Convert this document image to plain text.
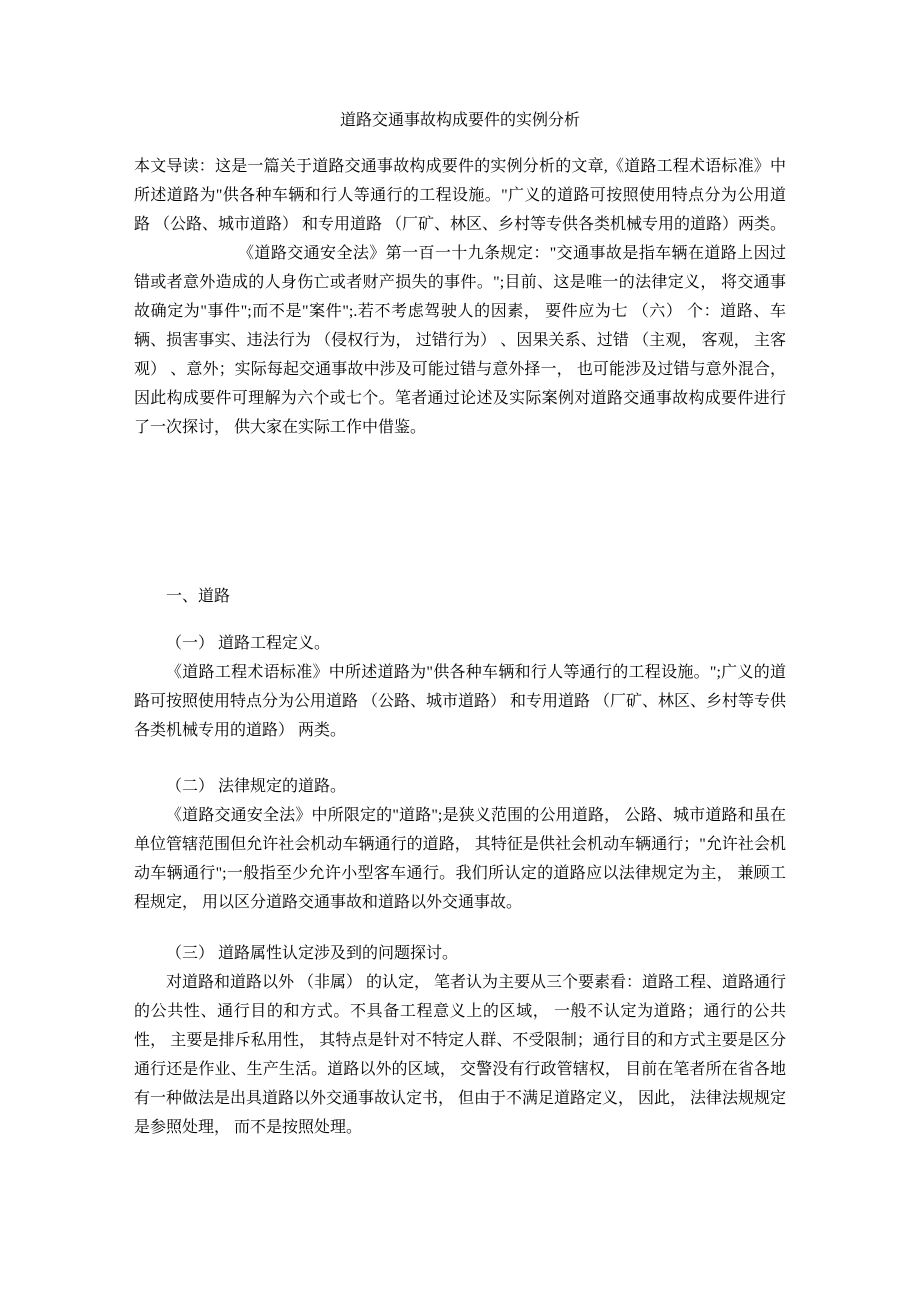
道路交通事故构成要件的实例分析

本文导读：这是一篇关于道路交通事故构成要件的实例分析的文章,《道路工程术语标准》中所述道路为"供各种车辆和行人等通行的工程设施。"广义的道路可按照使用特点分为公用道路 （公路、城市道路） 和专用道路 （厂矿、林区、乡村等专供各类机械专用的道路）两类。

《道路交通安全法》第一百一十九条规定："交通事故是指车辆在道路上因过错或者意外造成的人身伤亡或者财产损失的事件。";目前、这是唯一的法律定义， 将交通事故确定为"事件";而不是"案件";.若不考虑驾驶人的因素， 要件应为七 （六） 个：道路、车辆、损害事实、违法行为 （侵权行为， 过错行为） 、因果关系、过错 （主观， 客观， 主客观） 、意外；实际每起交通事故中涉及可能过错与意外择一， 也可能涉及过错与意外混合， 因此构成要件可理解为六个或七个。笔者通过论述及实际案例对道路交通事故构成要件进行了一次探讨， 供大家在实际工作中借鉴。

一、道路

（一） 道路工程定义。

《道路工程术语标准》中所述道路为"供各种车辆和行人等通行的工程设施。";广义的道路可按照使用特点分为公用道路 （公路、城市道路） 和专用道路 （厂矿、林区、乡村等专供各类机械专用的道路） 两类。

（二） 法律规定的道路。

《道路交通安全法》中所限定的"道路";是狭义范围的公用道路， 公路、城市道路和虽在单位管辖范围但允许社会机动车辆通行的道路， 其特征是供社会机动车辆通行；"允许社会机动车辆通行";一般指至少允许小型客车通行。我们所认定的道路应以法律规定为主， 兼顾工程规定， 用以区分道路交通事故和道路以外交通事故。

（三） 道路属性认定涉及到的问题探讨。

对道路和道路以外 （非属） 的认定， 笔者认为主要从三个要素看：道路工程、道路通行的公共性、通行目的和方式。不具备工程意义上的区域， 一般不认定为道路；通行的公共性， 主要是排斥私用性， 其特点是针对不特定人群、不受限制；通行目的和方式主要是区分通行还是作业、生产生活。道路以外的区域， 交警没有行政管辖权， 目前在笔者所在省各地有一种做法是出具道路以外交通事故认定书， 但由于不满足道路定义， 因此， 法律法规规定是参照处理， 而不是按照处理。
